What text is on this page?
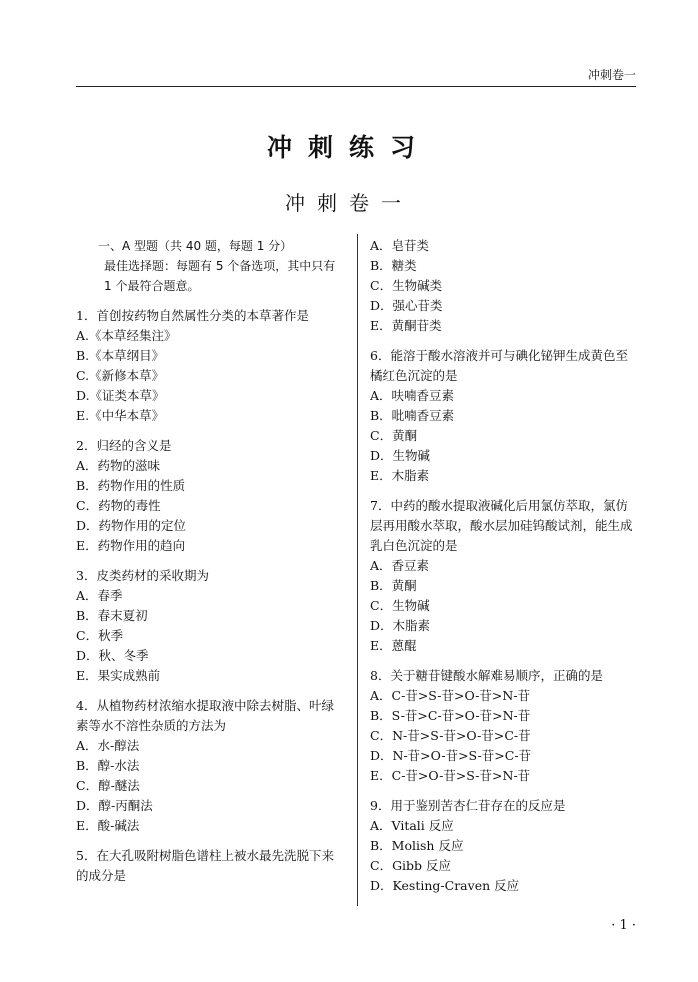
冲刺卷一
冲刺练习
冲刺卷一
一、A 型题（共 40 题，每题 1 分）
最佳选择题：每题有 5 个备选项，其中只有 1 个最符合题意。
1．首创按药物自然属性分类的本草著作是
A.《本草经集注》
B.《本草纲目》
C.《新修本草》
D.《证类本草》
E.《中华本草》
2．归经的含义是
A．药物的滋味
B．药物作用的性质
C．药物的毒性
D．药物作用的定位
E．药物作用的趋向
3．皮类药材的采收期为
A．春季
B．春末夏初
C．秋季
D．秋、冬季
E．果实成熟前
4．从植物药材浓缩水提取液中除去树脂、叶绿素等水不溶性杂质的方法为
A．水-醇法
B．醇-水法
C．醇-醚法
D．醇-丙酮法
E．酸-碱法
5．在大孔吸附树脂色谱柱上被水最先洗脱下来的成分是
A．皂苷类
B．糖类
C．生物碱类
D．强心苷类
E．黄酮苷类
6．能溶于酸水溶液并可与碘化铋钾生成黄色至橘红色沉淀的是
A．呋喃香豆素
B．吡喃香豆素
C．黄酮
D．生物碱
E．木脂素
7．中药的酸水提取液碱化后用氯仿萃取，氯仿层再用酸水萃取，酸水层加硅钨酸试剂，能生成乳白色沉淀的是
A．香豆素
B．黄酮
C．生物碱
D．木脂素
E．蒽醌
8．关于糖苷键酸水解难易顺序，正确的是
A．C-苷>S-苷>O-苷>N-苷
B．S-苷>C-苷>O-苷>N-苷
C．N-苷>S-苷>O-苷>C-苷
D．N-苷>O-苷>S-苷>C-苷
E．C-苷>O-苷>S-苷>N-苷
9．用于鉴别苦杏仁苷存在的反应是
A．Vitali 反应
B．Molish 反应
C．Gibb 反应
D．Kesting-Craven 反应
· 1 ·
